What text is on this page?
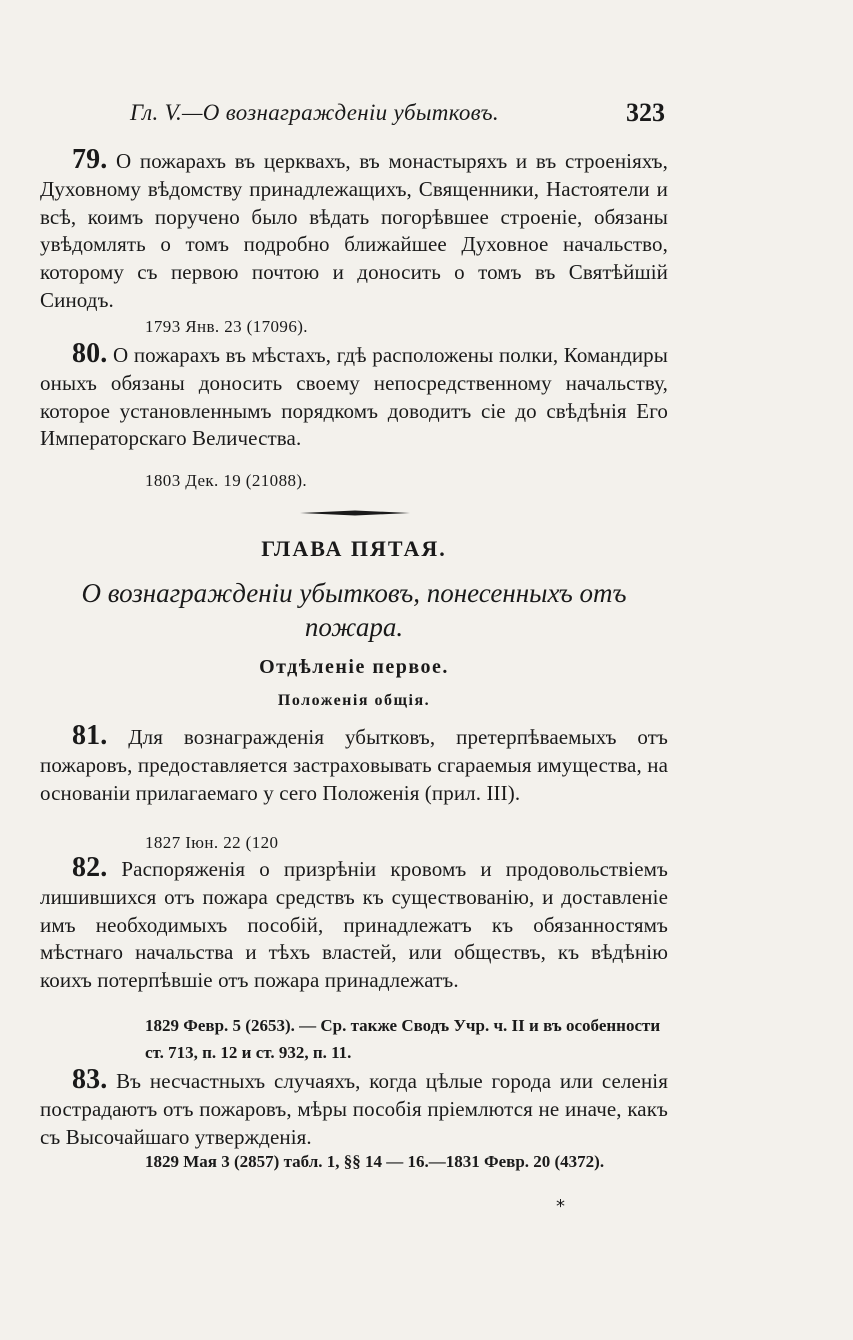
Гл. V.—О вознагражденіи убытковъ.	323
79. О пожарахъ въ церквахъ, въ монастыряхъ и въ строеніяхъ, Духовному вѣдомству принадлежащихъ, Священники, Настоятели и всѣ, коимъ поручено было вѣдать погорѣвшее строеніе, обязаны увѣдомлять о томъ подробно ближайшее Духовное начальство, которому съ первою почтою и доносить о томъ въ Святѣйшій Синодъ.
1793 Янв. 23 (17096).
80. О пожарахъ въ мѣстахъ, гдѣ расположены полки, Командиры оныхъ обязаны доносить своему непосредственному начальству, которое установленнымъ порядкомъ доводитъ сіе до свѣдѣнія Его Императорскаго Величества.
1803 Дек. 19 (21088).
ГЛАВА ПЯТАЯ.
О вознагражденіи убытковъ, понесенныхъ отъ пожара.
Отдѣленіе первое.
Положенія общія.
81. Для вознагражденія убытковъ, претерпѣваемыхъ отъ пожаровъ, предоставляется застраховывать сгараемыя имущества, на основаніи прилагаемаго у сего Положенія (прил. III).
1827 Іюн. 22 (120
82. Распоряженія о призрѣніи кровомъ и продовольствіемъ лишившихся отъ пожара средствъ къ существованію, и доставленіе имъ необходимыхъ пособій, принадлежатъ къ обязанностямъ мѣстнаго начальства и тѣхъ властей, или обществъ, къ вѣдѣнію коихъ потерпѣвшіе отъ пожара принадлежатъ.
1829 Февр. 5 (2653). — Ср. также Сводъ Учр. ч. II и въ особенности ст. 713, п. 12 и ст. 932, п. 11.
83. Въ несчастныхъ случаяхъ, когда цѣлые города или селенія пострадаютъ отъ пожаровъ, мѣры пособія пріемлются не иначе, какъ съ Высочайшаго утвержденія.
1829 Мая 3 (2857) табл. 1, §§ 14 — 16.—1831 Февр. 20 (4372).
*
